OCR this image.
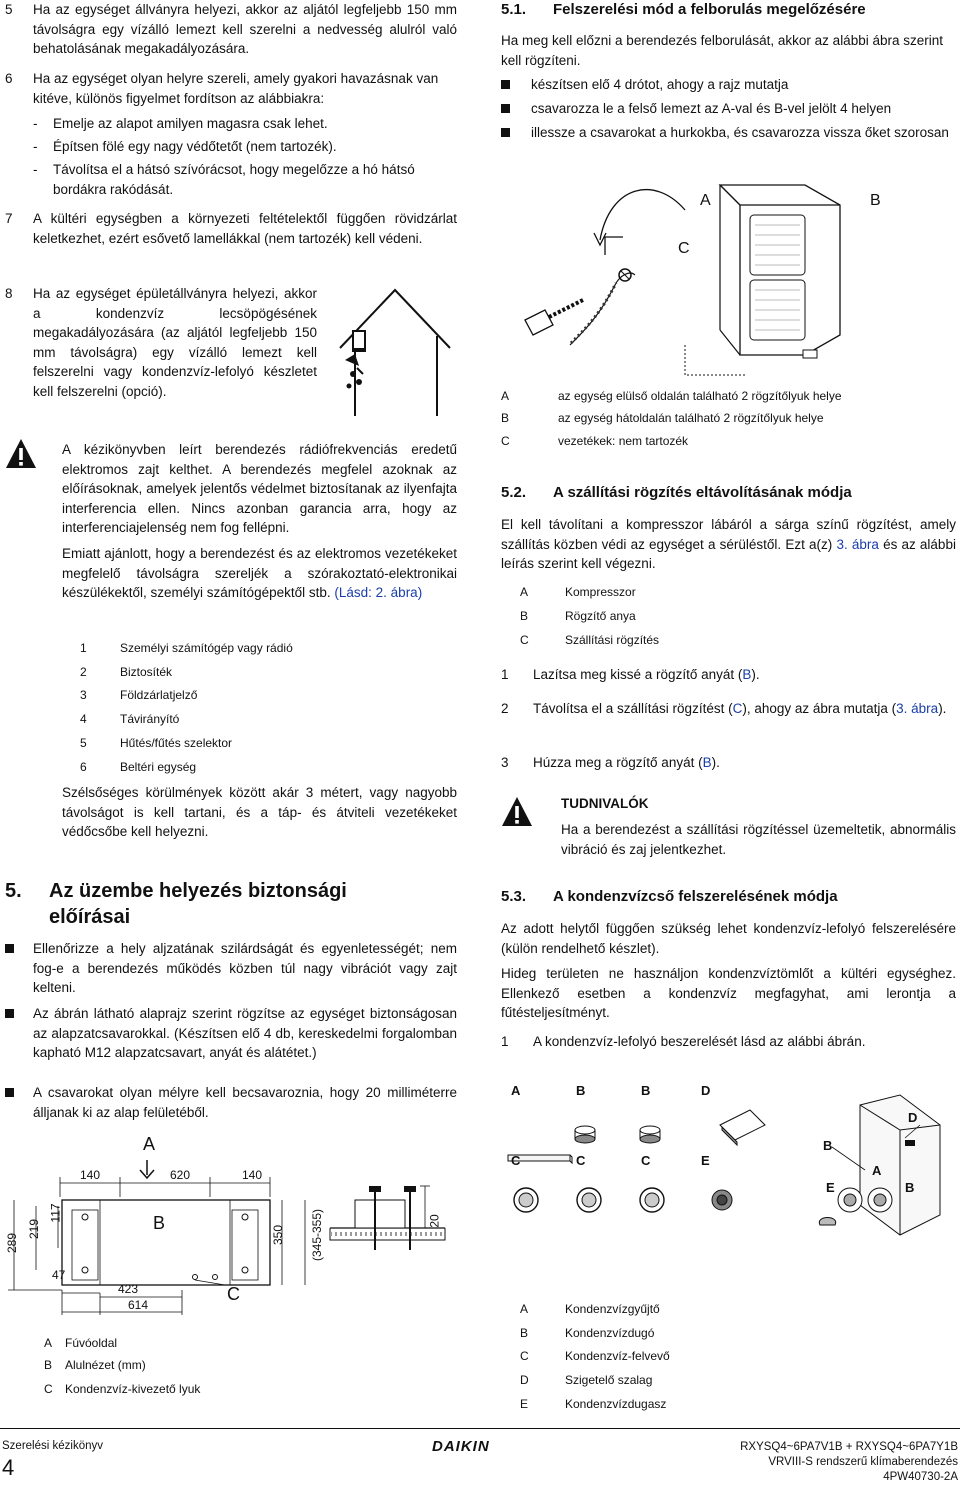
5 Ha az egységet állványra helyezi, akkor az aljától legfeljebb 150 mm távolságra egy vízálló lemezt kell szerelni a nedvesség alulról való behatolásának megakadályozására.
6 Ha az egységet olyan helyre szereli, amely gyakori havazásnak van kitéve, különös figyelmet fordítson az alábbiakra:
-	Emelje az alapot amilyen magasra csak lehet.
-	Építsen fölé egy nagy védőtetőt (nem tartozék).
-	Távolítsa el a hátsó szívórácsot, hogy megelőzze a hó hátsó bordákra rakódását.
7 A kültéri egységben a környezeti feltételektől függően rövidzárlat keletkezhet, ezért esővető lamellákkal (nem tartozék) kell védeni.
8 Ha az egységet épületállványra helyezi, akkor a kondenzvíz lecsöpögésének megakadályozására (az aljától legfeljebb 150 mm távolságra) egy vízálló lemezt kell felszerelni vagy kondenzvíz-lefolyó készletet kell felszerelni (opció).
A kézikönyvben leírt berendezés rádiófrekvenciás eredetű elektromos zajt kelthet. A berendezés megfelel azoknak az előírásoknak, amelyek jelentős védelmet biztosítanak az ilyenfajta interferencia ellen. Nincs azonban garancia arra, hogy az interferenciajelenség nem fog fellépni.
Emiatt ajánlott, hogy a berendezést és az elektromos vezetékeket megfelelő távolságra szereljék a szórakoztató-elektronikai készülékektől, személyi számítógépektől stb. (Lásd: 2. ábra)
1	Személyi számítógép vagy rádió
2	Biztosíték
3	Földzárlatjelző
4	Távirányító
5	Hűtés/fűtés szelektor
6	Beltéri egység
Szélsőséges körülmények között akár 3 métert, vagy nagyobb távolságot is kell tartani, és a táp- és átviteli vezetékeket védőcsőbe kell helyezni.
5. Az üzembe helyezés biztonsági
előírásai
Ellenőrizze a hely aljzatának szilárdságát és egyenletességét; nem fog-e a berendezés működés közben túl nagy vibrációt vagy zajt kelteni.
Az ábrán látható alaprajz szerint rögzítse az egységet biztonságosan az alapzatcsavarokkal. (Készítsen elő 4 db, kereskedelmi forgalomban kapható M12 alapzatcsavart, anyát és alátétet.)
A csavarokat olyan mélyre kell becsavaroznia, hogy 20 milliméterre álljanak ki az alap felületéből.
A
140	620	140
B
289
219
117
47
423
614
C
350 (345-355)	20
A Fúvóoldal
B Alulnézet (mm)
C Kondenzvíz-kivezető lyuk
5.1. Felszerelési mód a felborulás megelőzésére
Ha meg kell előzni a berendezés felborulását, akkor az alábbi ábra szerint kell rögzíteni.
készítsen elő 4 drótot, ahogy a rajz mutatja
csavarozza le a felső lemezt az A-val és B-vel jelölt 4 helyen
illessze a csavarokat a hurkokba, és csavarozza vissza őket szorosan
A	B
C
A	az egység elülső oldalán található 2 rögzítőlyuk helye
B	az egység hátoldalán található 2 rögzítőlyuk helye
C	vezetékek: nem tartozék
5.2. A szállítási rögzítés eltávolításának módja
El kell távolítani a kompresszor lábáról a sárga színű rögzítést, amely szállítás közben védi az egységet a sérüléstől. Ezt a(z) 3. ábra és az alábbi leírás szerint kell végezni.
A	Kompresszor
B	Rögzítő anya
C	Szállítási rögzítés
1 Lazítsa meg kissé a rögzítő anyát (B).
2 Távolítsa el a szállítási rögzítést (C), ahogy az ábra mutatja (3. ábra).
3 Húzza meg a rögzítő anyát (B).
TUDNIVALÓK
Ha a berendezést a szállítási rögzítéssel üzemeltetik, abnormális vibráció és zaj jelentkezhet.
5.3. A kondenzvízcső felszerelésének módja
Az adott helytől függően szükség lehet kondenzvíz-lefolyó felszerelésére (külön rendelhető készlet).
Hideg területen ne használjon kondenzvíztömlőt a kültéri egységhez. Ellenkező esetben a kondenzvíz megfagyhat, ami lerontja a fűtésteljesítményt.
1 A kondenzvíz-lefolyó beszerelését lásd az alábbi ábrán.
A	B	B	D
C	C	C	E
D
B
A
E	B
A	Kondenzvízgyűjtő
B	Kondenzvízdugó
C	Kondenzvíz-felvevő
D	Szigetelő szalag
E	Kondenzvízdugasz
Szerelési kézikönyv
4
DAIKIN	RXYSQ4~6PA7V1B + RXYSQ4~6PA7Y1B
VRVIII-S rendszerű klímaberendezés
4PW40730-2A
